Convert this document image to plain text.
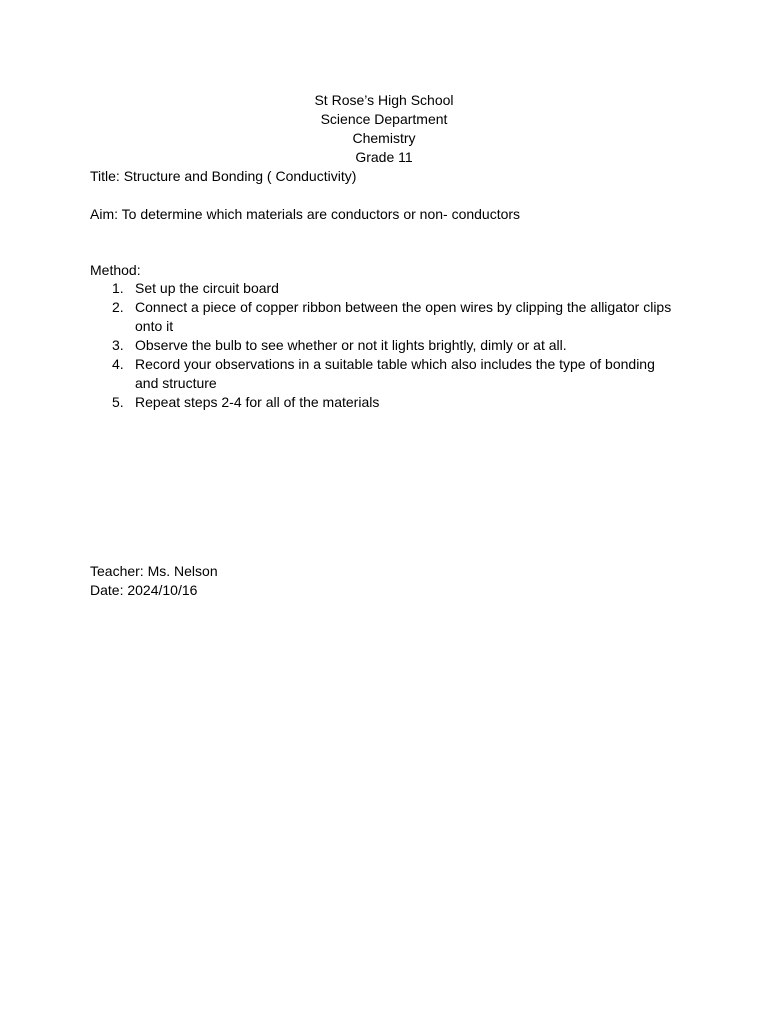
St Rose’s High School
Science Department
Chemistry
Grade 11
Title: Structure and Bonding ( Conductivity)
Aim: To determine which materials are conductors or non- conductors
Method:
1. Set up the circuit board
2. Connect a piece of copper ribbon between the open wires by clipping the alligator clips onto it
3. Observe the bulb to see whether or not it lights brightly, dimly or at all.
4. Record your observations in a suitable table which also includes the type of bonding and structure
5. Repeat steps 2-4 for all of the materials
Teacher: Ms. Nelson
Date: 2024/10/16
